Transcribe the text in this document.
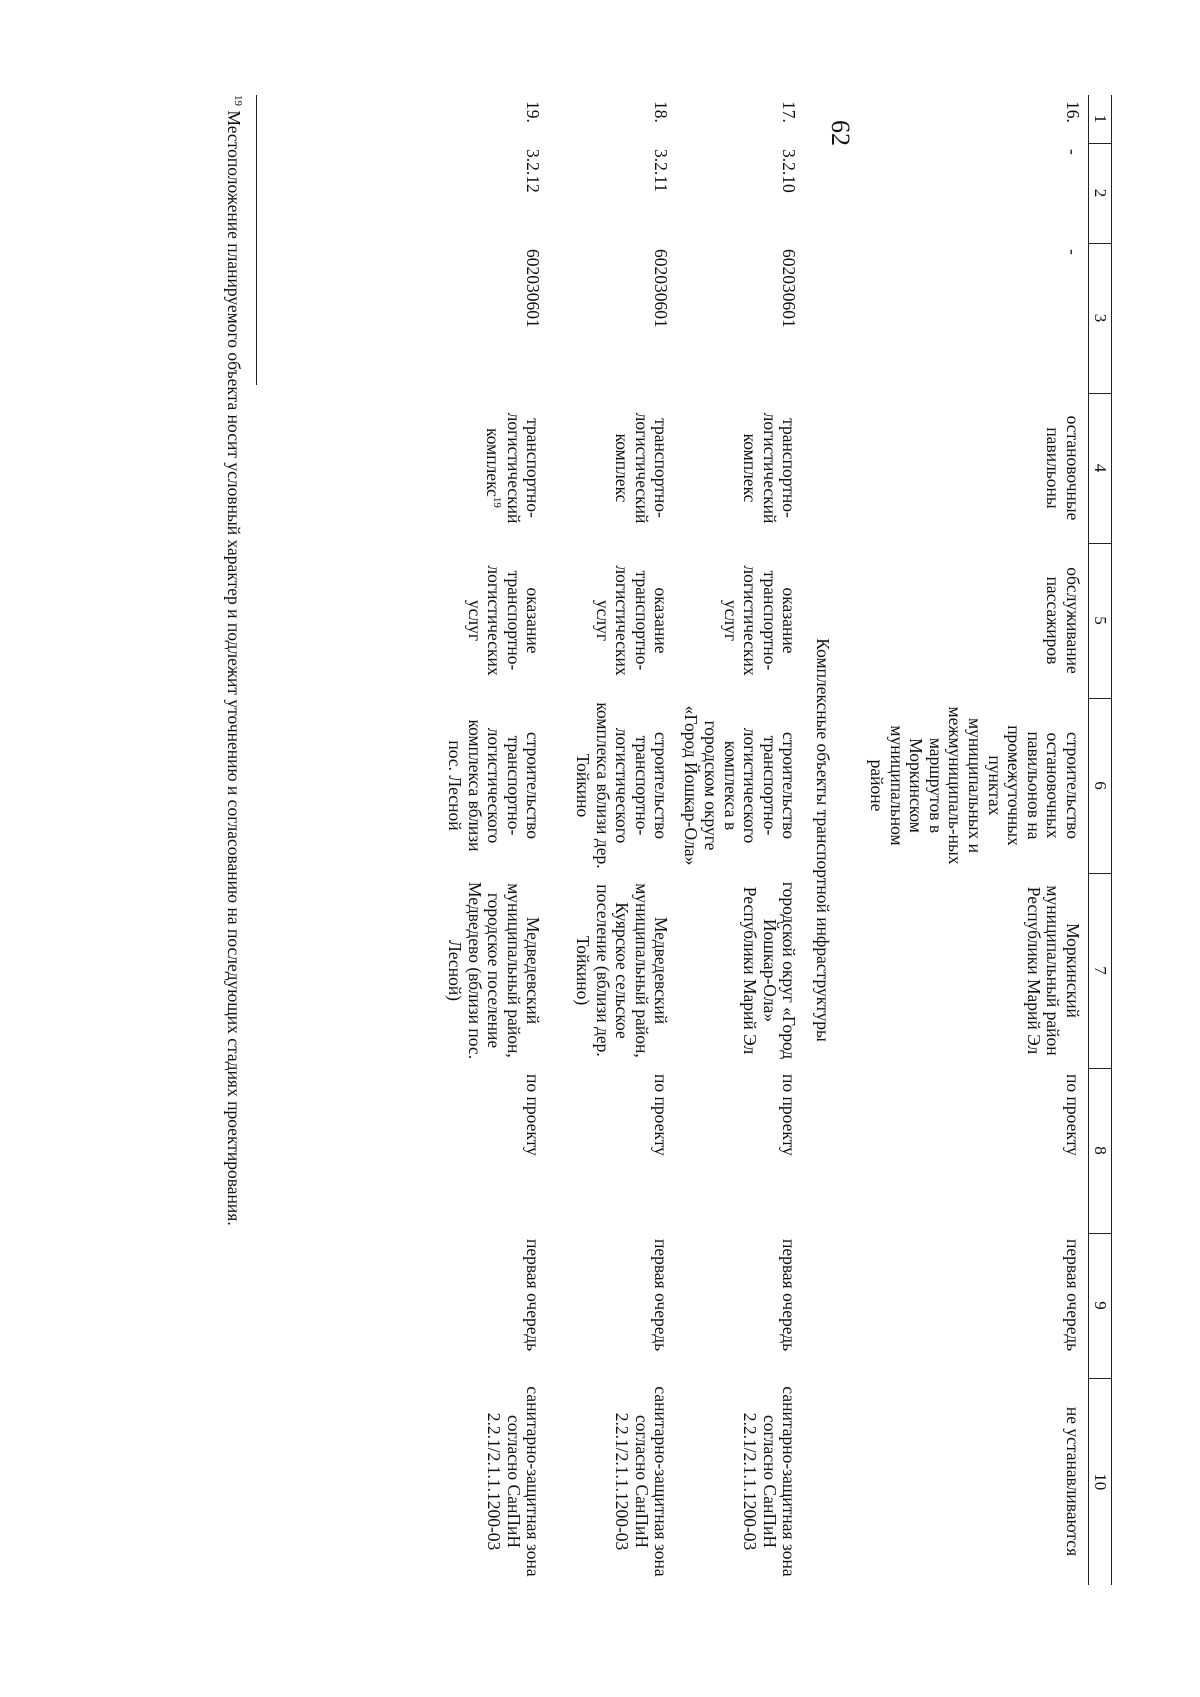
62
1	2	3	4	5	6	7	8	9	10
16.	-	-	остановочные павильоны	обслуживание пассажиров	строительство остановочных павильонов на промежуточных пунктах муниципальных и межмуниципаль-ных маршрутов в Моркинском муниципальном районе	Моркинский муниципальный район Республики Марий Эл	по проекту	первая очередь	не устанавливаются
Комплексные объекты транспортной инфраструктуры									
17.	3.2.10	602030601	транспортно-логистический комплекс	оказание транспортно-логистических услуг	строительство транспортно-логистического комплекса в городском округе «Город Йошкар-Ола»	городской округ «Город Йошкар-Ола» Республики Марий Эл	по проекту	первая очередь	санитарно-защитная зона согласно СанПиН 2.2.1/2.1.1.1200-03
18.	3.2.11	602030601	транспортно-логистический комплекс	оказание транспортно-логистических услуг	строительство транспортно-логистического комплекса вблизи дер. Тойкино	Медведевский муниципальный район, Куярское сельское поселение (вблизи дер. Тойкино)	по проекту	первая очередь	санитарно-защитная зона согласно СанПиН 2.2.1/2.1.1.1200-03
19.	3.2.12	602030601	транспортно-логистический комплекс$^{19}$	оказание транспортно-логистических услуг	строительство транспортно-логистического комплекса вблизи пос. Лесной	Медведевский муниципальный район, городское поселение Медведево (вблизи пос. Лесной)	по проекту	первая очередь	санитарно-защитная зона согласно СанПиН 2.2.1/2.1.1.1200-03
$^{19}$ Местоположение планируемого объекта носит условный характер и подлежит уточнению и согласованию на последующих стадиях проектирования.
